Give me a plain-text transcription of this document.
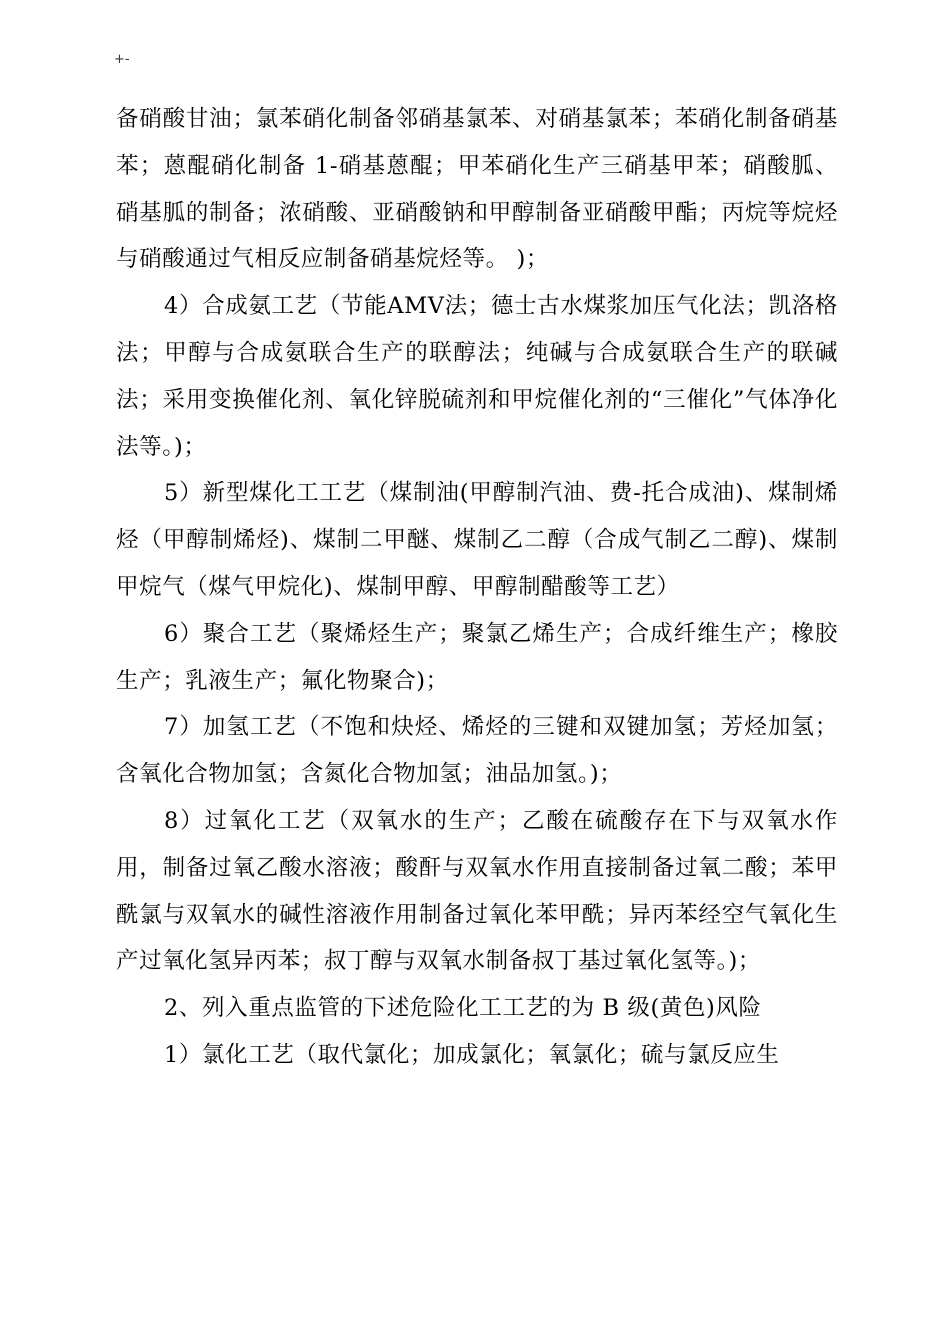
+-

备硝酸甘油；氯苯硝化制备邻硝基氯苯、对硝基氯苯；苯硝化制备硝基苯；蒽醌硝化制备 1-硝基蒽醌；甲苯硝化生产三硝基甲苯；硝酸胍、硝基胍的制备；浓硝酸、亚硝酸钠和甲醇制备亚硝酸甲酯；丙烷等烷烃与硝酸通过气相反应制备硝基烷烃等。 )；

4）合成氨工艺（节能AMV法；德士古水煤浆加压气化法；凯洛格法；甲醇与合成氨联合生产的联醇法；纯碱与合成氨联合生产的联碱法；采用变换催化剂、氧化锌脱硫剂和甲烷催化剂的“三催化”气体净化法等。)；

5）新型煤化工工艺（煤制油(甲醇制汽油、费-托合成油)、煤制烯烃（甲醇制烯烃)、煤制二甲醚、煤制乙二醇（合成气制乙二醇)、煤制甲烷气（煤气甲烷化)、煤制甲醇、甲醇制醋酸等工艺）

6）聚合工艺（聚烯烃生产；聚氯乙烯生产；合成纤维生产；橡胶生产；乳液生产；氟化物聚合)；

7）加氢工艺（不饱和炔烃、烯烃的三键和双键加氢；芳烃加氢；含氧化合物加氢；含氮化合物加氢；油品加氢。)；

8）过氧化工艺（双氧水的生产；乙酸在硫酸存在下与双氧水作用，制备过氧乙酸水溶液；酸酐与双氧水作用直接制备过氧二酸；苯甲酰氯与双氧水的碱性溶液作用制备过氧化苯甲酰；异丙苯经空气氧化生产过氧化氢异丙苯；叔丁醇与双氧水制备叔丁基过氧化氢等。)；

2、列入重点监管的下述危险化工工艺的为 B 级(黄色)风险

1）氯化工艺（取代氯化；加成氯化；氧氯化；硫与氯反应生
